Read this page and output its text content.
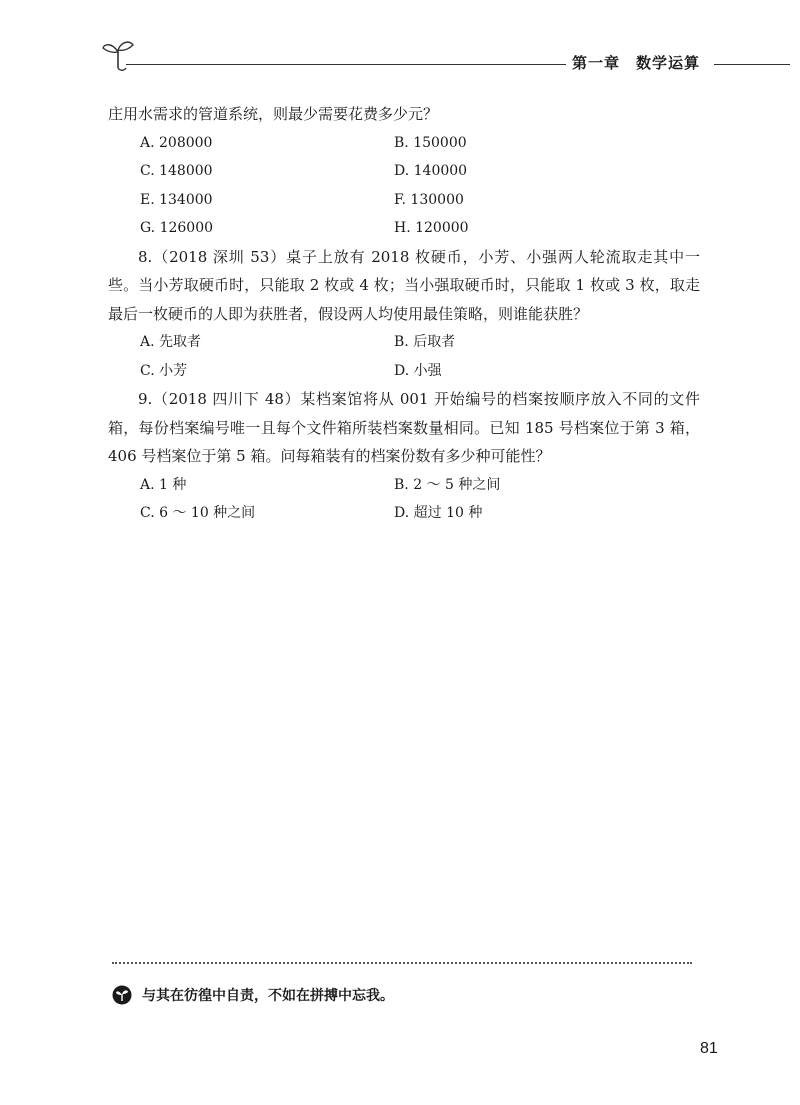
第一章　数学运算

庄用水需求的管道系统，则最少需要花费多少元？

A. 208000	B. 150000
C. 148000	D. 140000
E. 134000	F. 130000
G. 126000	H. 120000

8.（2018 深圳 53）桌子上放有 2018 枚硬币，小芳、小强两人轮流取走其中一些。当小芳取硬币时，只能取 2 枚或 4 枚；当小强取硬币时，只能取 1 枚或 3 枚，取走最后一枚硬币的人即为获胜者，假设两人均使用最佳策略，则谁能获胜？

A. 先取者	B. 后取者
C. 小芳	D. 小强

9.（2018 四川下 48）某档案馆将从 001 开始编号的档案按顺序放入不同的文件箱，每份档案编号唯一且每个文件箱所装档案数量相同。已知 185 号档案位于第 3 箱，406 号档案位于第 5 箱。问每箱装有的档案份数有多少种可能性？

A. 1 种	B. 2 ～ 5 种之间
C. 6 ～ 10 种之间	D. 超过 10 种
与其在彷徨中自责，不如在拼搏中忘我。
81
